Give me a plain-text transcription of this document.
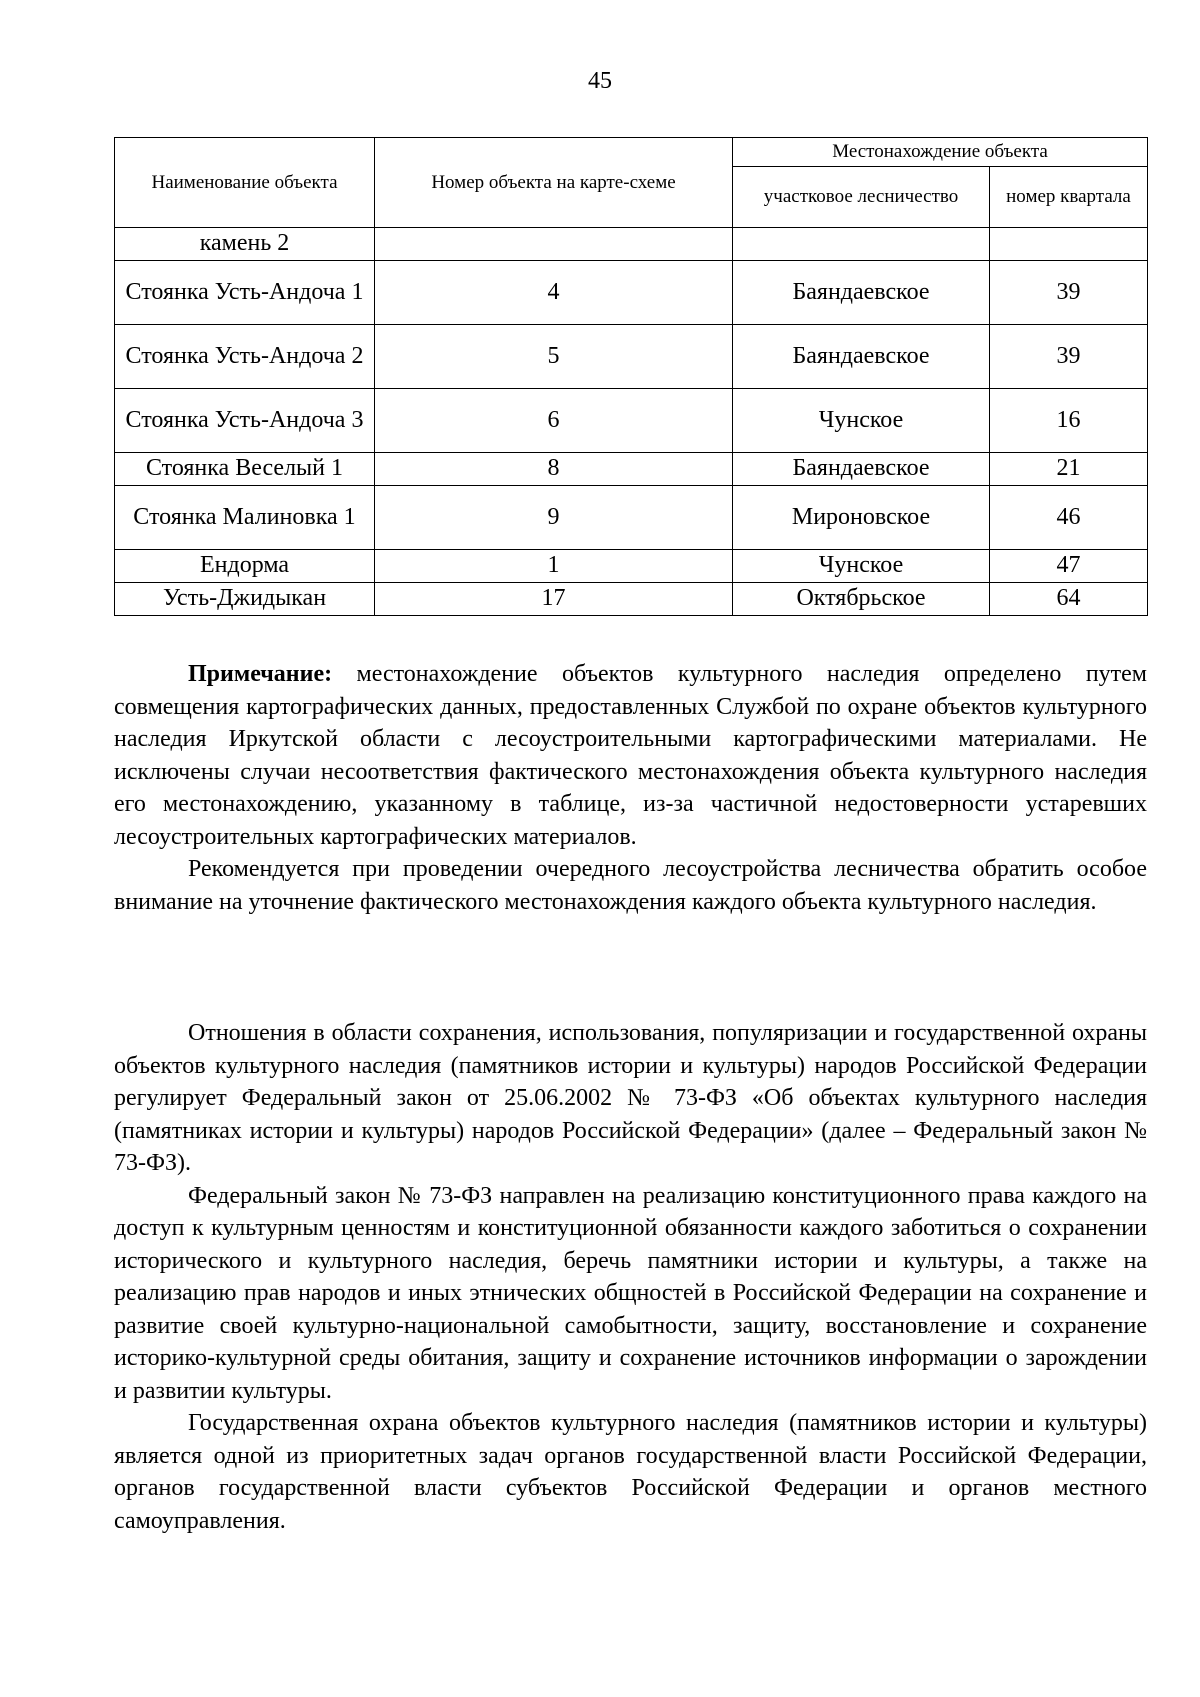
45
Наименование объекта	Номер объекта на карте-схеме	Местонахождение объекта	
		участковое лесничество	номер квартала
камень 2			
Стоянка Усть-Андоча 1	4	Баяндаевское	39
Стоянка Усть-Андоча 2	5	Баяндаевское	39
Стоянка Усть-Андоча 3	6	Чунское	16
Стоянка Веселый 1	8	Баяндаевское	21
Стоянка Малиновка 1	9	Мироновское	46
Ендорма	1	Чунское	47
Усть-Джидыкан	17	Октябрьское	64

Примечание: местонахождение объектов культурного наследия определено путем совмещения картографических данных, предоставленных Службой по охране объектов культурного наследия Иркутской области с лесоустроительными картографическими материалами. Не исключены случаи несоответствия фактического местонахождения объекта культурного наследия его местонахождению, указанному в таблице, из-за частичной недостоверности устаревших лесоустроительных картографических материалов.

Рекомендуется при проведении очередного лесоустройства лесничества обратить особое внимание на уточнение фактического местонахождения каждого объекта культурного наследия.

Отношения в области сохранения, использования, популяризации и государственной охраны объектов культурного наследия (памятников истории и культуры) народов Российской Федерации регулирует Федеральный закон от 25.06.2002 № 73-ФЗ «Об объектах культурного наследия (памятниках истории и культуры) народов Российской Федерации» (далее – Федеральный закон № 73-ФЗ).

Федеральный закон № 73-ФЗ направлен на реализацию конституционного права каждого на доступ к культурным ценностям и конституционной обязанности каждого заботиться о сохранении исторического и культурного наследия, беречь памятники истории и культуры, а также на реализацию прав народов и иных этнических общностей в Российской Федерации на сохранение и развитие своей культурно-национальной самобытности, защиту, восстановление и сохранение историко-культурной среды обитания, защиту и сохранение источников информации о зарождении и развитии культуры.

Государственная охрана объектов культурного наследия (памятников истории и культуры) является одной из приоритетных задач органов государственной власти Российской Федерации, органов государственной власти субъектов Российской Федерации и органов местного самоуправления.
